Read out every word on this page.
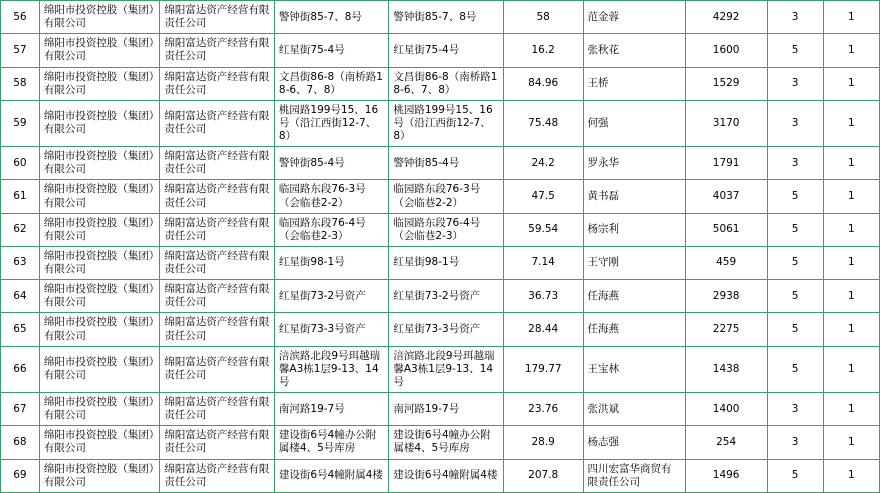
56	绵阳市投资控股（集团）有限公司	绵阳富达资产经营有限责任公司	警钟街85-7、8号	警钟街85-7、8号	58	范金蓉	4292	3	1
57	绵阳市投资控股（集团）有限公司	绵阳富达资产经营有限责任公司	红星街75-4号	红星街75-4号	16.2	张秋花	1600	5	1
58	绵阳市投资控股（集团）有限公司	绵阳富达资产经营有限责任公司	文昌街86-8（南桥路18-6、7、8）	文昌街86-8（南桥路18-6、7、8）	84.96	王桥	1529	3	1
59	绵阳市投资控股（集团）有限公司	绵阳富达资产经营有限责任公司	桃园路199号15、16号（沿江西街12-7、8）	桃园路199号15、16号（沿江西街12-7、8）	75.48	何强	3170	3	1
60	绵阳市投资控股（集团）有限公司	绵阳富达资产经营有限责任公司	警钟街85-4号	警钟街85-4号	24.2	罗永华	1791	3	1
61	绵阳市投资控股（集团）有限公司	绵阳富达资产经营有限责任公司	临园路东段76-3号（会临巷2-2）	临园路东段76-3号（会临巷2-2）	47.5	黄书磊	4037	5	1
62	绵阳市投资控股（集团）有限公司	绵阳富达资产经营有限责任公司	临园路东段76-4号（会临巷2-3）	临园路东段76-4号（会临巷2-3）	59.54	杨宗利	5061	5	1
63	绵阳市投资控股（集团）有限公司	绵阳富达资产经营有限责任公司	红星街98-1号	红星街98-1号	7.14	王守刚	459	5	1
64	绵阳市投资控股（集团）有限公司	绵阳富达资产经营有限责任公司	红星街73-2号资产	红星街73-2号资产	36.73	任海燕	2938	5	1
65	绵阳市投资控股（集团）有限公司	绵阳富达资产经营有限责任公司	红星街73-3号资产	红星街73-3号资产	28.44	任海燕	2275	5	1
66	绵阳市投资控股（集团）有限公司	绵阳富达资产经营有限责任公司	涪滨路北段9号珥越瑞馨A3栋1层9-13、14号	涪滨路北段9号珥越瑞馨A3栋1层9-13、14号	179.77	王宝林	1438	5	1
67	绵阳市投资控股（集团）有限公司	绵阳富达资产经营有限责任公司	南河路19-7号	南河路19-7号	23.76	张洪斌	1400	3	1
68	绵阳市投资控股（集团）有限公司	绵阳富达资产经营有限责任公司	建设街6号4幢办公附属楼4、5号库房	建设街6号4幢办公附属楼4、5号库房	28.9	杨志强	254	3	1
69	绵阳市投资控股（集团）有限公司	绵阳富达资产经营有限责任公司	建设街6号4幢附属4楼	建设街6号4幢附属4楼	207.8	四川宏富华商贸有限责任公司	1496	5	1
